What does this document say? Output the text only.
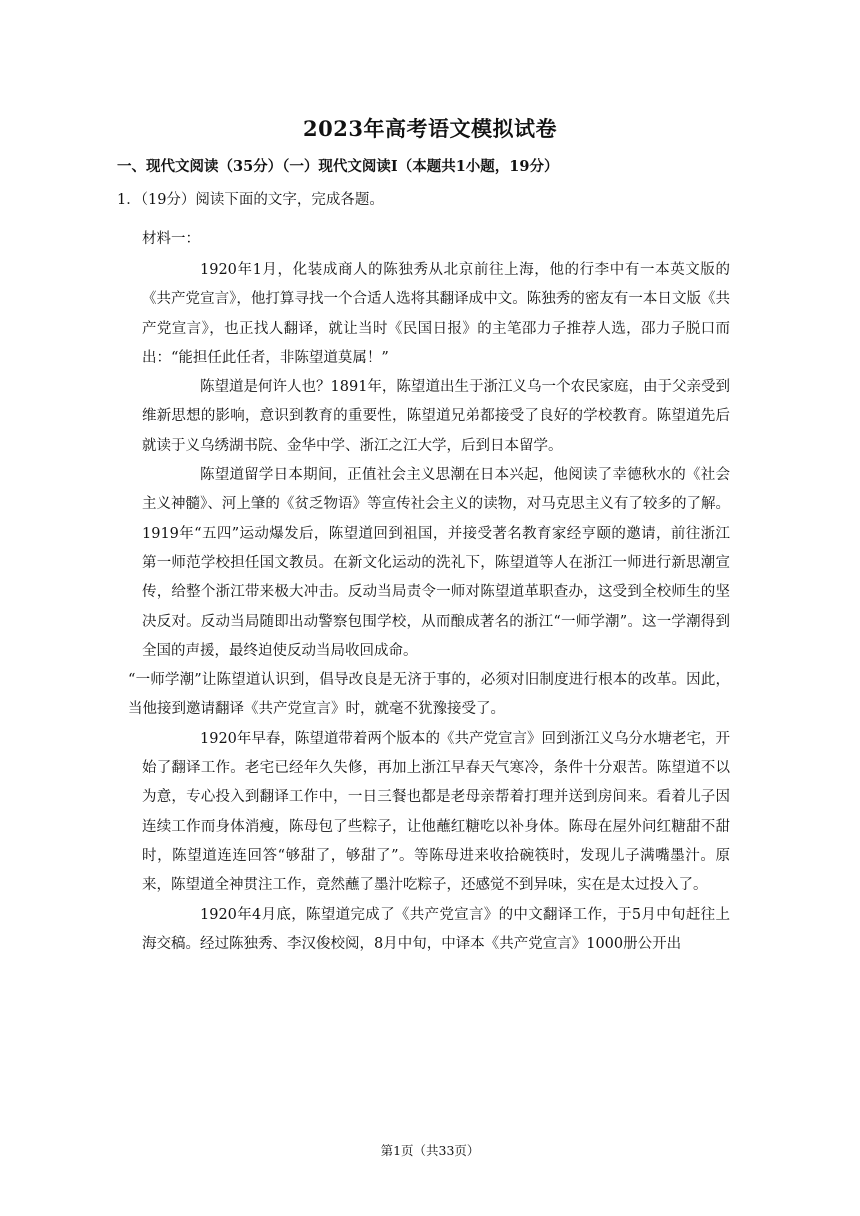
2023年高考语文模拟试卷
一、现代文阅读（35分）（一）现代文阅读Ⅰ（本题共1小题，19分）
1．（19分）阅读下面的文字，完成各题。
材料一：

1920年1月，化装成商人的陈独秀从北京前往上海，他的行李中有一本英文版的《共产党宣言》，他打算寻找一个合适人选将其翻译成中文。陈独秀的密友有一本日文版《共产党宣言》，也正找人翻译，就让当时《民国日报》的主笔邵力子推荐人选，邵力子脱口而出：“能担任此任者，非陈望道莫属！”

陈望道是何许人也？1891年，陈望道出生于浙江义乌一个农民家庭，由于父亲受到维新思想的影响，意识到教育的重要性，陈望道兄弟都接受了良好的学校教育。陈望道先后就读于义乌绣湖书院、金华中学、浙江之江大学，后到日本留学。

陈望道留学日本期间，正值社会主义思潮在日本兴起，他阅读了幸德秋水的《社会主义神髓》、河上肇的《贫乏物语》等宣传社会主义的读物，对马克思主义有了较多的了解。1919年“五四”运动爆发后，陈望道回到祖国，并接受著名教育家经亨颐的邀请，前往浙江第一师范学校担任国文教员。在新文化运动的洗礼下，陈望道等人在浙江一师进行新思潮宣传，给整个浙江带来极大冲击。反动当局责令一师对陈望道革职查办，这受到全校师生的坚决反对。反动当局随即出动警察包围学校，从而酿成著名的浙江“一师学潮”。这一学潮得到全国的声援，最终迫使反动当局收回成命。

“一师学潮”让陈望道认识到，倡导改良是无济于事的，必须对旧制度进行根本的改革。因此，当他接到邀请翻译《共产党宣言》时，就毫不犹豫接受了。

1920年早春，陈望道带着两个版本的《共产党宣言》回到浙江义乌分水塘老宅，开始了翻译工作。老宅已经年久失修，再加上浙江早春天气寒冷，条件十分艰苦。陈望道不以为意，专心投入到翻译工作中，一日三餐也都是老母亲帮着打理并送到房间来。看着儿子因连续工作而身体消瘦，陈母包了些粽子，让他蘸红糖吃以补身体。陈母在屋外问红糖甜不甜时，陈望道连连回答“够甜了，够甜了”。等陈母进来收拾碗筷时，发现儿子满嘴墨汁。原来，陈望道全神贯注工作，竟然蘸了墨汁吃粽子，还感觉不到异味，实在是太过投入了。

1920年4月底，陈望道完成了《共产党宣言》的中文翻译工作，于5月中旬赶往上海交稿。经过陈独秀、李汉俊校阅，8月中旬，中译本《共产党宣言》1000册公开出

第1页（共33页）
